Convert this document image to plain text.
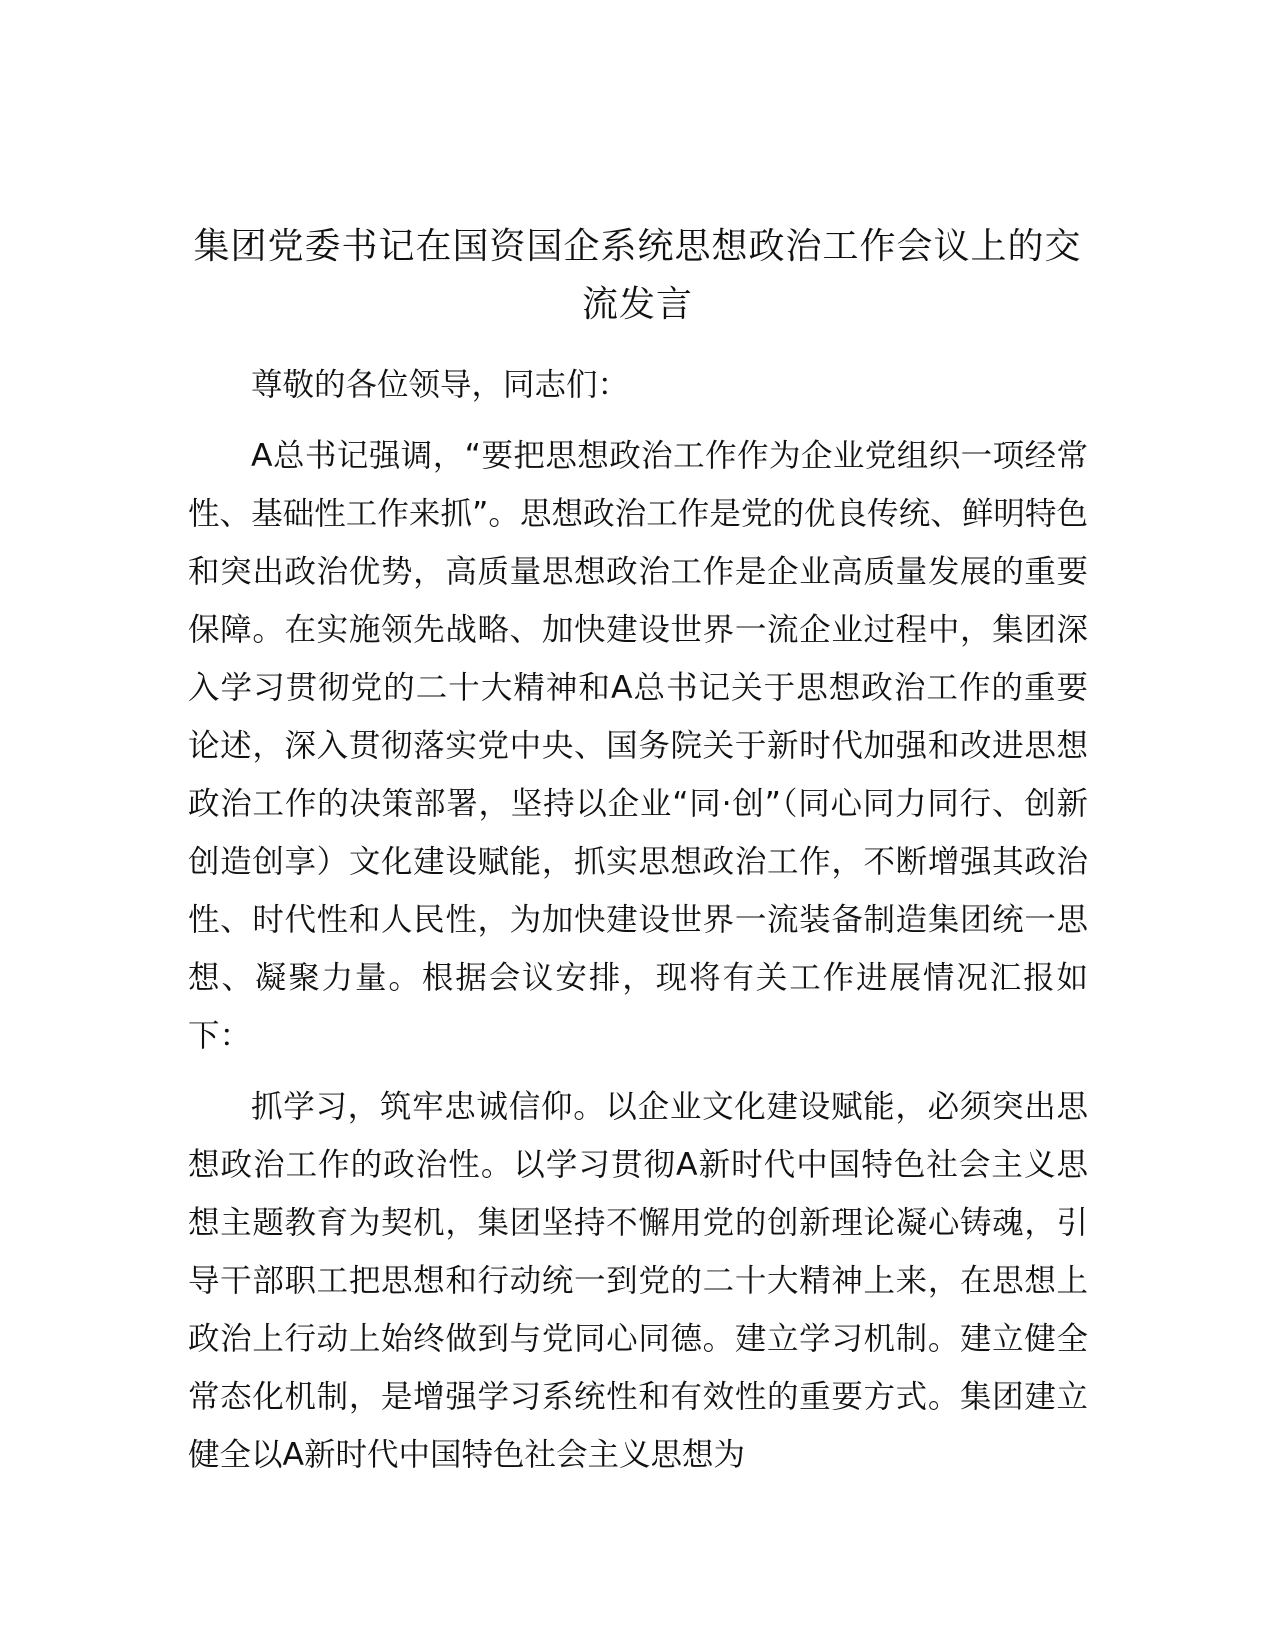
集团党委书记在国资国企系统思想政治工作会议上的交流发言

尊敬的各位领导，同志们：

A总书记强调，“要把思想政治工作作为企业党组织一项经常性、基础性工作来抓”。思想政治工作是党的优良传统、鲜明特色和突出政治优势，高质量思想政治工作是企业高质量发展的重要保障。在实施领先战略、加快建设世界一流企业过程中，集团深入学习贯彻党的二十大精神和A总书记关于思想政治工作的重要论述，深入贯彻落实党中央、国务院关于新时代加强和改进思想政治工作的决策部署，坚持以企业“同·创”（同心同力同行、创新创造创享）文化建设赋能，抓实思想政治工作，不断增强其政治性、时代性和人民性，为加快建设世界一流装备制造集团统一思想、凝聚力量。根据会议安排，现将有关工作进展情况汇报如下：

抓学习，筑牢忠诚信仰。以企业文化建设赋能，必须突出思想政治工作的政治性。以学习贯彻A新时代中国特色社会主义思想主题教育为契机，集团坚持不懈用党的创新理论凝心铸魂，引导干部职工把思想和行动统一到党的二十大精神上来，在思想上政治上行动上始终做到与党同心同德。建立学习机制。建立健全常态化机制，是增强学习系统性和有效性的重要方式。集团建立健全以A新时代中国特色社会主义思想为
